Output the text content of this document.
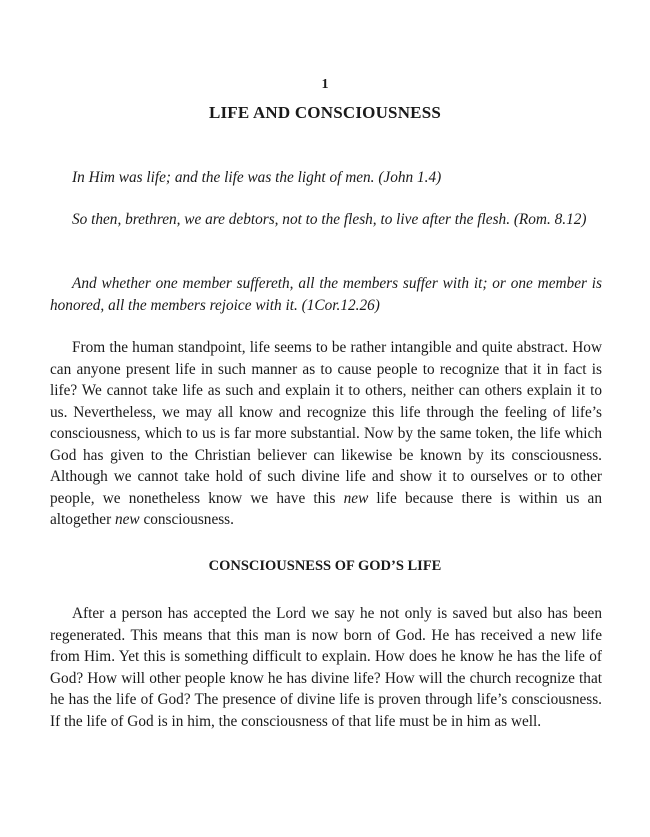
1
LIFE AND CONSCIOUSNESS

In Him was life; and the life was the light of men. (John 1.4)

So then, brethren, we are debtors, not to the flesh, to live after the flesh. (Rom. 8.12)

And whether one member suffereth, all the members suffer with it; or one member is honored, all the members rejoice with it. (1Cor.12.26)

From the human standpoint, life seems to be rather intangible and quite abstract. How can anyone present life in such manner as to cause people to recognize that it in fact is life? We cannot take life as such and explain it to others, neither can others explain it to us. Nevertheless, we may all know and recognize this life through the feeling of life’s consciousness, which to us is far more substantial. Now by the same token, the life which God has given to the Christian believer can likewise be known by its consciousness. Although we cannot take hold of such divine life and show it to ourselves or to other people, we nonetheless know we have this new life because there is within us an altogether new consciousness.

CONSCIOUSNESS OF GOD’S LIFE

After a person has accepted the Lord we say he not only is saved but also has been regenerated. This means that this man is now born of God. He has received a new life from Him. Yet this is something difficult to explain. How does he know he has the life of God? How will other people know he has divine life? How will the church recognize that he has the life of God? The presence of divine life is proven through life’s consciousness. If the life of God is in him, the consciousness of that life must be in him as well.
